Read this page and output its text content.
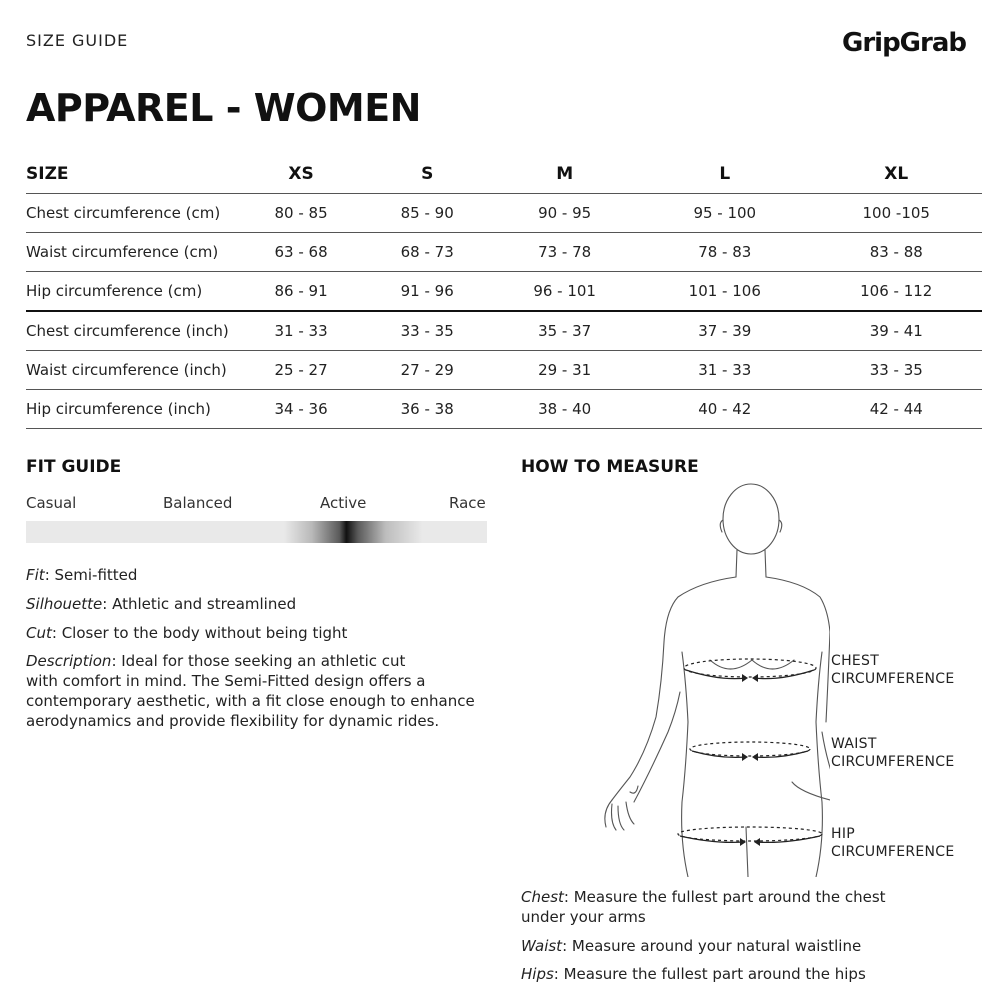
SIZE GUIDE	GripGrab
APPAREL - WOMEN
SIZE	XS	S	M	L	XL
Chest circumference (cm)	80 - 85	85 - 90	90 - 95	95 - 100	100 -105
Waist circumference (cm)	63 - 68	68 - 73	73 - 78	78 - 83	83 - 88
Hip circumference (cm)	86 - 91	91 - 96	96 - 101	101 - 106	106 - 112
Chest circumference (inch)	31 - 33	33 - 35	35 - 37	37 - 39	39 - 41
Waist circumference (inch)	25 - 27	27 - 29	29 - 31	31 - 33	33 - 35
Hip circumference (inch)	34 - 36	36 - 38	38 - 40	40 - 42	42 - 44
FIT GUIDE
Casual	Balanced	Active	Race
Fit: Semi-fitted
Silhouette: Athletic and streamlined
Cut: Closer to the body without being tight
Description: Ideal for those seeking an athletic cut
with comfort in mind. The Semi-Fitted design offers a
contemporary aesthetic, with a fit close enough to enhance
aerodynamics and provide flexibility for dynamic rides.
HOW TO MEASURE
CHEST
CIRCUMFERENCE
WAIST
CIRCUMFERENCE
HIP
CIRCUMFERENCE
Chest: Measure the fullest part around the chest
under your arms
Waist: Measure around your natural waistline
Hips: Measure the fullest part around the hips
